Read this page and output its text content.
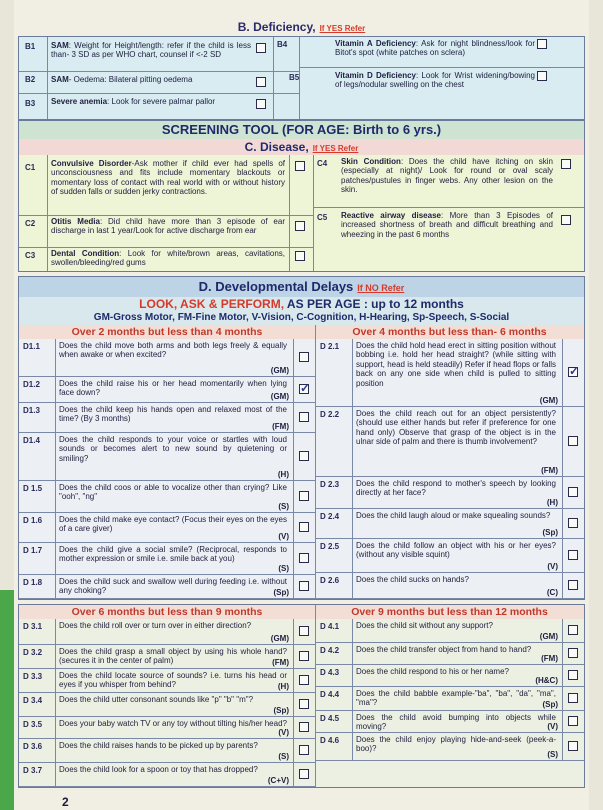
B. Deficiency, If YES Refer
B1 SAM: Weight for Height/length: refer if the child is less than- 3 SD as per WHO chart, counsel if <-2 SD
B2 SAM- Oedema: Bilateral pitting oedema
B3 Severe anemia: Look for severe palmar pallor
B4	Vitamin A Deficiency: Ask for night blindness/look for Bitot's spot (white patches on sclera)
B5	Vitamin D Deficiency: Look for Wrist widening/bowing of legs/nodular swelling on the chest
SCREENING TOOL (FOR AGE: Birth to 6 yrs.)
C. Disease, If YES Refer
C1 Convulsive Disorder-Ask mother if child ever had spells of unconsciousness and fits include momentary blackouts or momentary loss of contact with real world with or without history of sudden falls or sudden jerky contractions.
C2 Otitis Media: Did child have more than 3 episode of ear discharge in last 1 year/Look for active discharge from ear
C3 Dental Condition: Look for white/brown areas, cavitations, swollen/bleeding/red gums
C4 Skin Condition: Does the child have itching on skin (especially at night)/ Look for round or oval scaly patches/pustules in finger webs. Any other lesion on the skin.
C5 Reactive airway disease: More than 3 Episodes of increased shortness of breath and difficult breathing and wheezing in the past 6 months
D. Developmental Delays If NO Refer
LOOK, ASK & PERFORM, AS PER AGE : up to 12 months
GM-Gross Motor, FM-Fine Motor, V-Vision, C-Cognition, H-Hearing, Sp-Speech, S-Social
Over 2 months but less than 4 months	Over 4 months but less than- 6 months
D1.1 Does the child move both arms and both legs freely & equally when awake or when excited?
(GM)
D1.2 Does the child raise his or her head momentarily when lying face down?	(GM)
✓
D1.3 Does the child keep his hands open and relaxed most of the time? (By 3 months)
(FM)
D1.4 Does the child responds to your voice or startles with loud sounds or becomes alert to new sound by quietening or smiling?
(H)
D 1.5 Does the child coos or able to vocalize other than crying? Like "ooh", "ng"
(S)
D 1.6 Does the child make eye contact? (Focus their eyes on the eyes of a care giver)
(V)
D 1.7 Does the child give a social smile? (Reciprocal, responds to mother expression or smile i.e. smile back at you)
(S)
D 1.8 Does the child suck and swallow well during feeding i.e. without any choking?	(Sp)
D 2.1 Does the child hold head erect in sitting position without bobbing i.e. hold her head straight? (while sitting with support, head is held steadily) Refer if head flops or falls back on any one side when child is pulled to sitting position
(GM)
✓
D 2.2 Does the child reach out for an object persistently? (should use either hands but refer if preference for one hand only) Observe that grasp of the object is in the ulnar side of palm and there is thumb involvement?
(FM)
D 2.3 Does the child respond to mother's speech by looking directly at her face?
(H)
D 2.4 Does the child laugh aloud or make squealing sounds?
(Sp)
D 2.5 Does the child follow an object with his or her eyes? (without any visible squint)
(V)
D 2.6 Does the child sucks on hands?
(C)
Over 6 months but less than 9 months	Over 9 months but less than 12 months
D 3.1 Does the child roll over or turn over in either direction?
(GM)
D 3.2 Does the child grasp a small object by using his whole hand? (secures it in the center of palm)	(FM)
D 3.3 Does the child locate source of sounds? i.e. turns his head or eyes if you whisper from behind?	(H)
D 3.4 Does the child utter consonant sounds like "p" "b" "m"?
(Sp)
D 3.5 Does your baby watch TV or any toy without tilting his/her head?
(V)
D 3.6 Does the child raises hands to be picked up by parents?
(S)
D 3.7 Does the child look for a spoon or toy that has dropped?
(C+V)
D 4.1 Does the child sit without any support?
(GM)
D 4.2 Does the child transfer object from hand to hand?
(FM)
D 4.3 Does the child respond to his or her name?
(H&C)
D 4.4 Does the child babble example-"ba", "ba", "da", "ma", "ma"?	(Sp)
D 4.5 Does the child avoid bumping into objects while moving?	(V)
D 4.6 Does the child enjoy playing hide-and-seek (peek-a-boo)?
(S)
2
